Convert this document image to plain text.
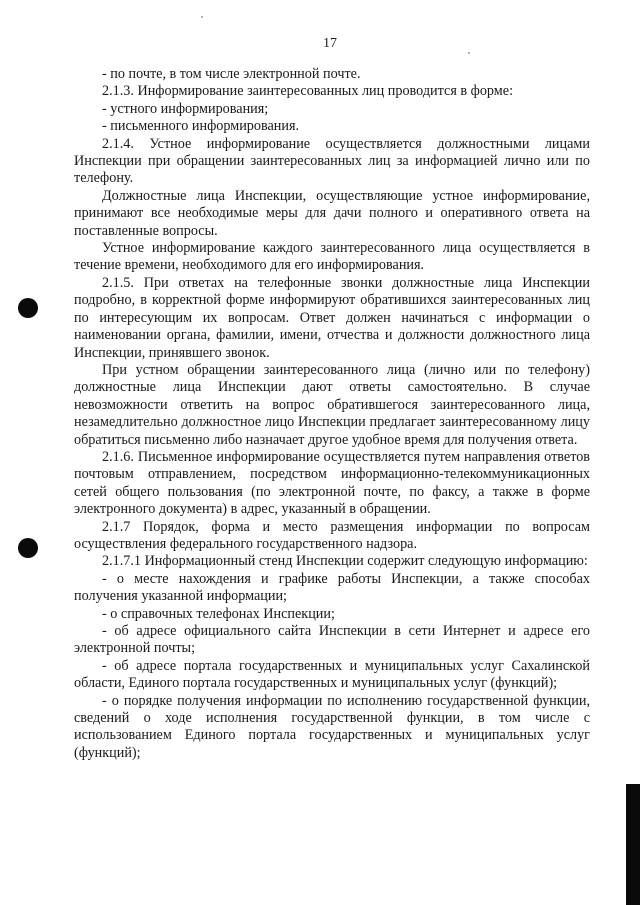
17

- по почте, в том числе электронной почте.

2.1.3. Информирование заинтересованных лиц проводится в форме:

- устного информирования;

- письменного информирования.

2.1.4. Устное информирование осуществляется должностными лицами Инспекции при обращении заинтересованных лиц за информацией лично или по телефону.

Должностные лица Инспекции, осуществляющие устное информирование, принимают все необходимые меры для дачи полного и оперативного ответа на поставленные вопросы.

Устное информирование каждого заинтересованного лица осуществляется в течение времени, необходимого для его информирования.

2.1.5. При ответах на телефонные звонки должностные лица Инспекции подробно, в корректной форме информируют обратившихся заинтересованных лиц по интересующим их вопросам. Ответ должен начинаться с информации о наименовании органа, фамилии, имени, отчества и должности должностного лица Инспекции, принявшего звонок.

При устном обращении заинтересованного лица (лично или по телефону) должностные лица Инспекции дают ответы самостоятельно. В случае невозможности ответить на вопрос обратившегося заинтересованного лица, незамедлительно должностное лицо Инспекции предлагает заинтересованному лицу обратиться письменно либо назначает другое удобное время для получения ответа.

2.1.6. Письменное информирование осуществляется путем направления ответов почтовым отправлением, посредством информационно-телекоммуникационных сетей общего пользования (по электронной почте, по факсу, а также в форме электронного документа) в адрес, указанный в обращении.

2.1.7 Порядок, форма и место размещения информации по вопросам осуществления федерального государственного надзора.

2.1.7.1 Информационный стенд Инспекции содержит следующую информацию:

- о месте нахождения и графике работы Инспекции, а также способах получения указанной информации;

- о справочных телефонах Инспекции;

- об адресе официального сайта Инспекции в сети Интернет и адресе его электронной почты;

- об адресе портала государственных и муниципальных услуг Сахалинской области, Единого портала государственных и муниципальных услуг (функций);

- о порядке получения информации по исполнению государственной функции, сведений о ходе исполнения государственной функции, в том числе с использованием Единого портала государственных и муниципальных услуг (функций);
